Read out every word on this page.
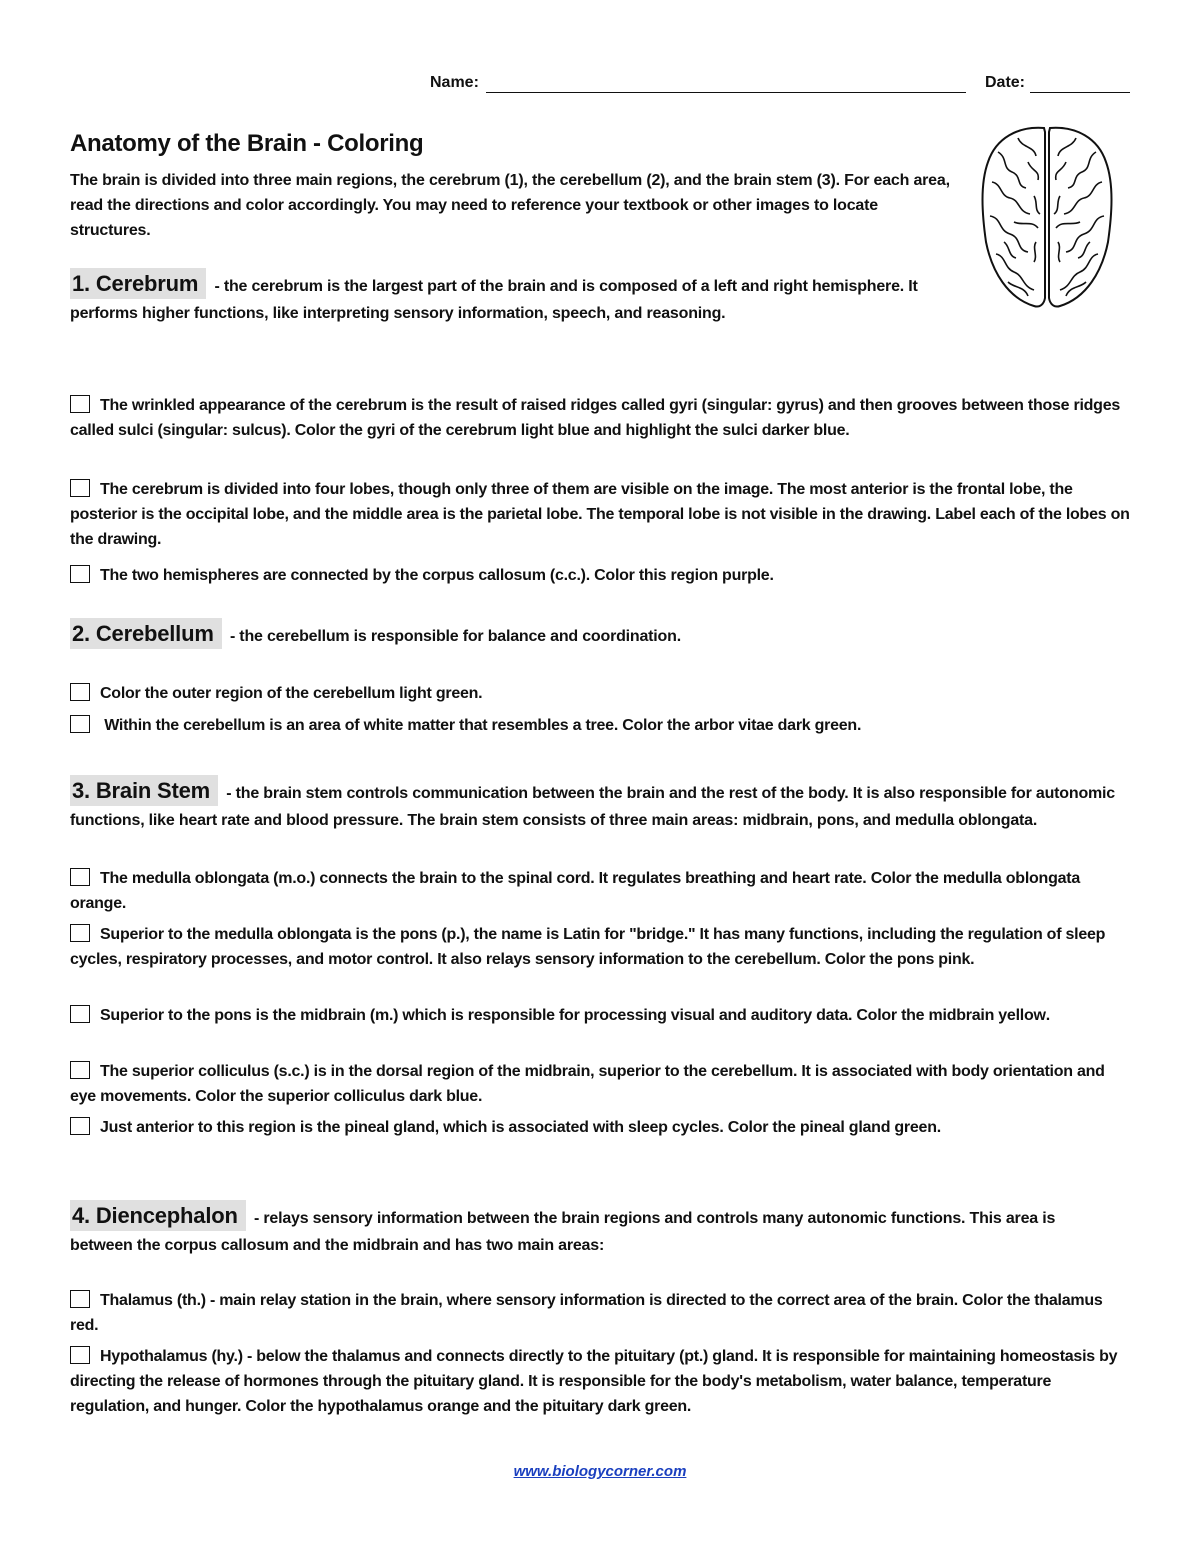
Name:	Date:
Anatomy of the Brain - Coloring
The brain is divided into three main regions, the cerebrum (1), the cerebellum (2), and the brain stem (3). For each area, read the directions and color accordingly. You may need to reference your textbook or other images to locate structures.
1. Cerebrum - the cerebrum is the largest part of the brain and is composed of a left and right hemisphere. It performs higher functions, like interpreting sensory information, speech, and reasoning.
The wrinkled appearance of the cerebrum is the result of raised ridges called gyri (singular: gyrus) and then grooves between those ridges called sulci (singular: sulcus). Color the gyri of the cerebrum light blue and highlight the sulci darker blue.
The cerebrum is divided into four lobes, though only three of them are visible on the image. The most anterior is the frontal lobe, the posterior is the occipital lobe, and the middle area is the parietal lobe. The temporal lobe is not visible in the drawing. Label each of the lobes on the drawing.
The two hemispheres are connected by the corpus callosum (c.c.). Color this region purple.
2. Cerebellum - the cerebellum is responsible for balance and coordination.
Color the outer region of the cerebellum light green.
Within the cerebellum is an area of white matter that resembles a tree. Color the arbor vitae dark green.
3. Brain Stem - the brain stem controls communication between the brain and the rest of the body. It is also responsible for autonomic functions, like heart rate and blood pressure. The brain stem consists of three main areas: midbrain, pons, and medulla oblongata.
The medulla oblongata (m.o.) connects the brain to the spinal cord. It regulates breathing and heart rate. Color the medulla oblongata orange.
Superior to the medulla oblongata is the pons (p.), the name is Latin for "bridge." It has many functions, including the regulation of sleep cycles, respiratory processes, and motor control. It also relays sensory information to the cerebellum. Color the pons pink.
Superior to the pons is the midbrain (m.) which is responsible for processing visual and auditory data. Color the midbrain yellow.
The superior colliculus (s.c.) is in the dorsal region of the midbrain, superior to the cerebellum. It is associated with body orientation and eye movements. Color the superior colliculus dark blue.
Just anterior to this region is the pineal gland, which is associated with sleep cycles. Color the pineal gland green.
4. Diencephalon - relays sensory information between the brain regions and controls many autonomic functions. This area is between the corpus callosum and the midbrain and has two main areas:
Thalamus (th.) - main relay station in the brain, where sensory information is directed to the correct area of the brain. Color the thalamus red.
Hypothalamus (hy.) - below the thalamus and connects directly to the pituitary (pt.) gland. It is responsible for maintaining homeostasis by directing the release of hormones through the pituitary gland. It is responsible for the body's metabolism, water balance, temperature regulation, and hunger. Color the hypothalamus orange and the pituitary dark green.
www.biologycorner.com
